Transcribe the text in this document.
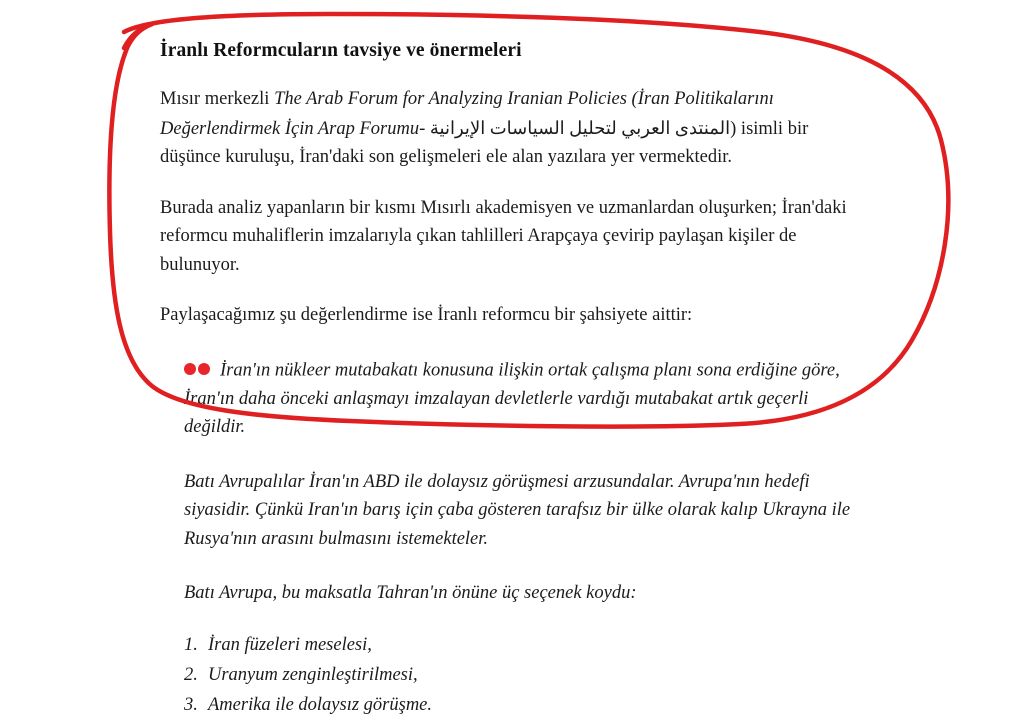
İranlı Reformcuların tavsiye ve önermeleri

Mısır merkezli The Arab Forum for Analyzing Iranian Policies (İran Politikalarını Değerlendirmek İçin Arap Forumu- المنتدى العربي لتحليل السياسات الإيرانية) isimli bir düşünce kuruluşu, İran'daki son gelişmeleri ele alan yazılara yer vermektedir.

Burada analiz yapanların bir kısmı Mısırlı akademisyen ve uzmanlardan oluşurken; İran'daki reformcu muhaliflerin imzalarıyla çıkan tahlilleri Arapçaya çevirip paylaşan kişiler de bulunuyor.

Paylaşacağımız şu değerlendirme ise İranlı reformcu bir şahsiyete aittir:

İran'ın nükleer mutabakatı konusuna ilişkin ortak çalışma planı sona erdiğine göre, İran'ın daha önceki anlaşmayı imzalayan devletlerle vardığı mutabakat artık geçerli değildir.

Batı Avrupalılar İran'ın ABD ile dolaysız görüşmesi arzusundalar. Avrupa'nın hedefi siyasidir. Çünkü Iran'ın barış için çaba gösteren tarafsız bir ülke olarak kalıp Ukrayna ile Rusya'nın arasını bulmasını istemekteler.

Batı Avrupa, bu maksatla Tahran'ın önüne üç seçenek koydu:

1. İran füzeleri meselesi,
2. Uranyum zenginleştirilmesi,
3. Amerika ile dolaysız görüşme.
